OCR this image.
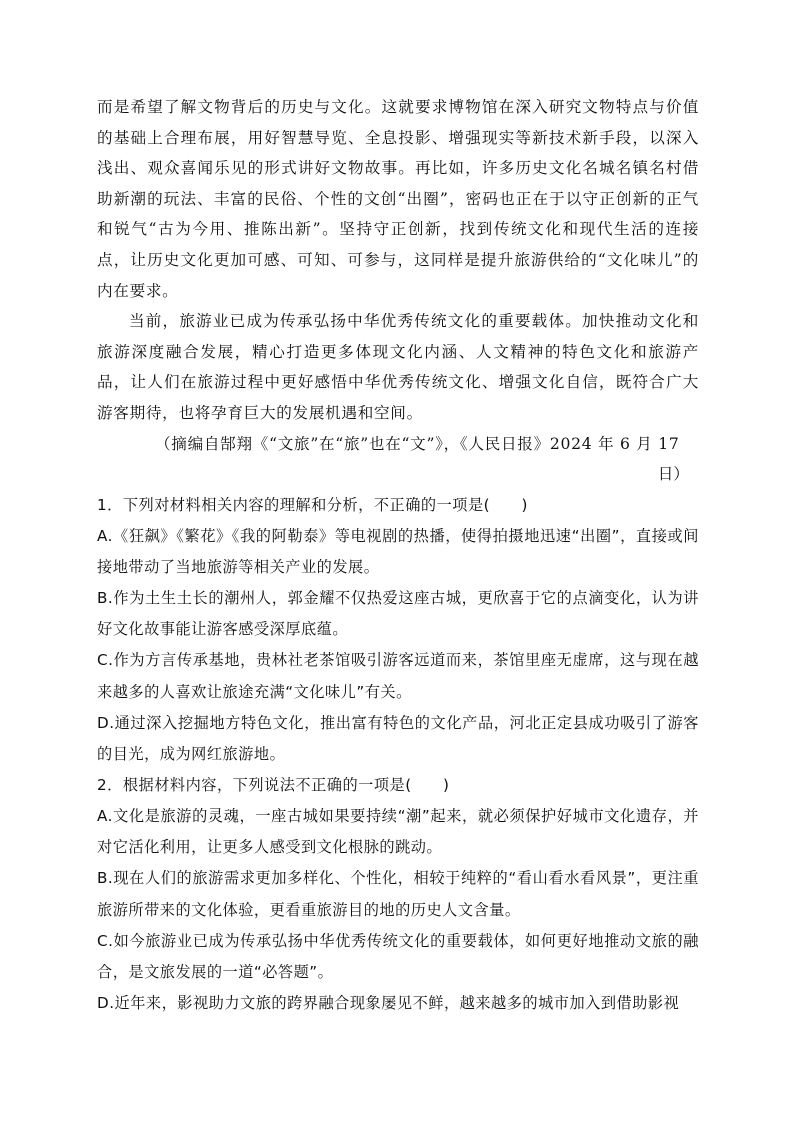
而是希望了解文物背后的历史与文化。这就要求博物馆在深入研究文物特点与价值的基础上合理布展，用好智慧导览、全息投影、增强现实等新技术新手段，以深入浅出、观众喜闻乐见的形式讲好文物故事。再比如，许多历史文化名城名镇名村借助新潮的玩法、丰富的民俗、个性的文创“出圈”，密码也正在于以守正创新的正气和锐气“古为今用、推陈出新”。坚持守正创新，找到传统文化和现代生活的连接点，让历史文化更加可感、可知、可参与，这同样是提升旅游供给的“文化味儿”的内在要求。

当前，旅游业已成为传承弘扬中华优秀传统文化的重要载体。加快推动文化和旅游深度融合发展，精心打造更多体现文化内涵、人文精神的特色文化和旅游产品，让人们在旅游过程中更好感悟中华优秀传统文化、增强文化自信，既符合广大游客期待，也将孕育巨大的发展机遇和空间。

（摘编自郜翔《“文旅”在“旅”也在“文”》，《人民日报》2024 年 6 月 17

日）

1．下列对材料相关内容的理解和分析，不正确的一项是(　　)

A.《狂飙》《繁花》《我的阿勒泰》等电视剧的热播，使得拍摄地迅速“出圈”，直接或间接地带动了当地旅游等相关产业的发展。

B.作为土生土长的潮州人，郭金耀不仅热爱这座古城，更欣喜于它的点滴变化，认为讲好文化故事能让游客感受深厚底蕴。

C.作为方言传承基地，贵林社老茶馆吸引游客远道而来，茶馆里座无虚席，这与现在越来越多的人喜欢让旅途充满“文化味儿”有关。

D.通过深入挖掘地方特色文化，推出富有特色的文化产品，河北正定县成功吸引了游客的目光，成为网红旅游地。

2．根据材料内容，下列说法不正确的一项是(　　)

A.文化是旅游的灵魂，一座古城如果要持续“潮”起来，就必须保护好城市文化遗存，并对它活化利用，让更多人感受到文化根脉的跳动。

B.现在人们的旅游需求更加多样化、个性化，相较于纯粹的“看山看水看风景”，更注重旅游所带来的文化体验，更看重旅游目的地的历史人文含量。

C.如今旅游业已成为传承弘扬中华优秀传统文化的重要载体，如何更好地推动文旅的融合，是文旅发展的一道“必答题”。

D.近年来，影视助力文旅的跨界融合现象屡见不鲜，越来越多的城市加入到借助影视
